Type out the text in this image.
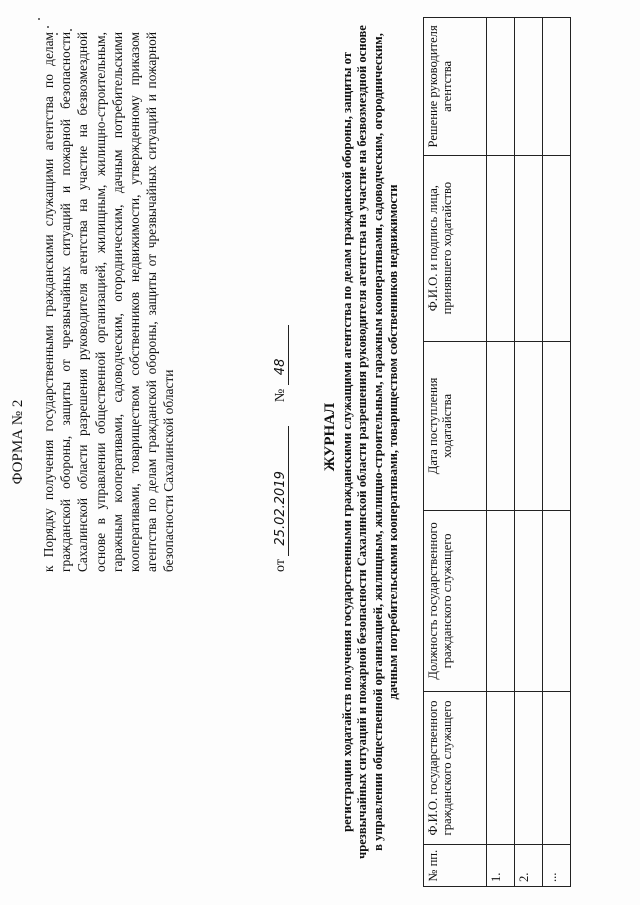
ФОРМА № 2 к Порядку получения государственными гражданскими служащими агентства по делам гражданской обороны, защиты от чрезвычайных ситуаций и пожарной безопасности Сахалинской области разрешения руководителя агентства на участие на безвозмездной основе в управлении общественной организацией, жилищным, жилищно-строительным, гаражным кооперативами, садоводческим, огородническим, дачным потребительскими кооперативами, товариществом собственников недвижимости, утвержденному приказом агентства по делам гражданской обороны, защиты от чрезвычайных ситуаций и пожарной безопасности Сахалинской области	от 25.02.2019 № 48
ЖУРНАЛ регистрации ходатайств получения государственными гражданскими служащими агентства по делам гражданской обороны, защиты от чрезвычайных ситуаций и пожарной безопасности Сахалинской области разрешения руководителя агентства на участие на безвозмездной основе в управлении общественной организацией, жилищным, жилищно-строительным, гаражным кооперативами, садоводческим, огородническим, дачным потребительскими кооперативами, товариществом собственников недвижимости
№ пп.	Ф.И.О. государственного гражданского служащего	Должность государственного гражданского служащего	Дата поступления ходатайства	Ф.И.О. и подпись лица, принявшего ходатайство	Решение руководителя агентства
1.					
2.					
...					
